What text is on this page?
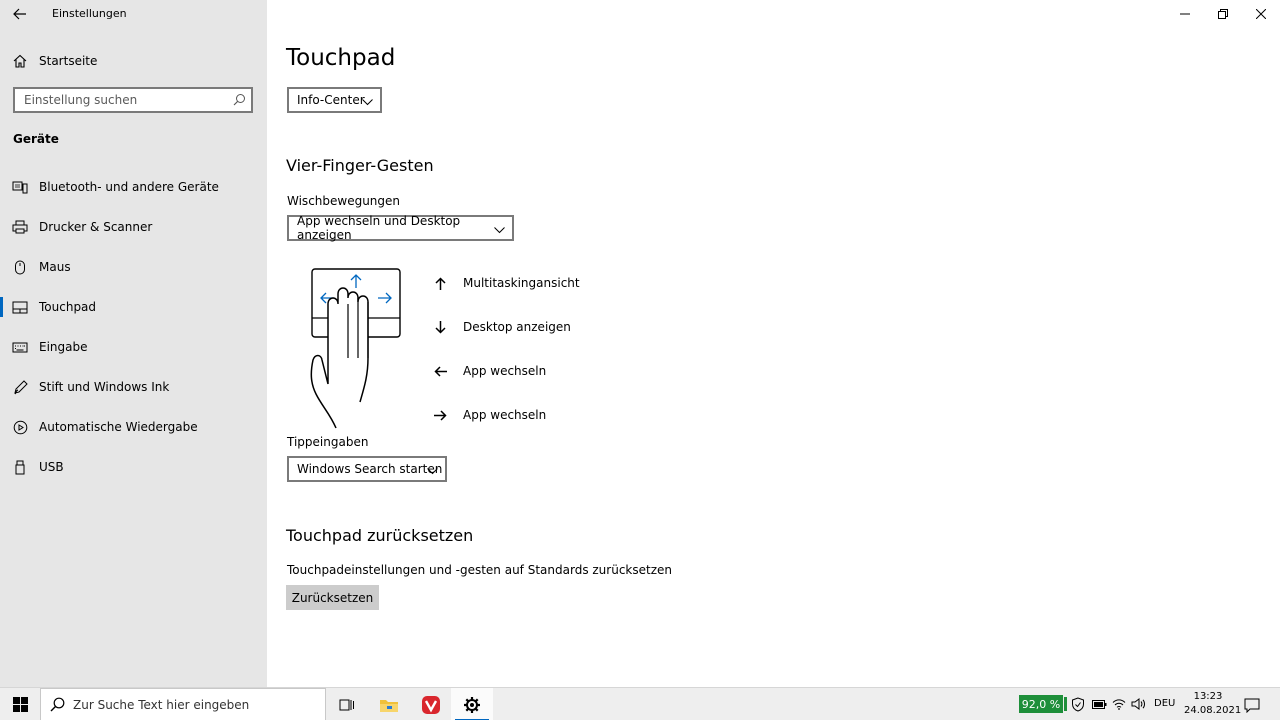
Einstellungen
Startseite
Einstellung suchen
Geräte
Bluetooth- und andere Geräte
Drucker & Scanner
Maus
Touchpad
Eingabe
Stift und Windows Ink
Automatische Wiedergabe
USB
Touchpad
Info-Center
Vier-Finger-Gesten
Wischbewegungen
App wechseln und Desktop anzeigen
Multitaskingansicht
Desktop anzeigen
App wechseln
App wechseln
Tippeingaben
Windows Search starten
Touchpad zurücksetzen
Touchpadeinstellungen und -gesten auf Standards zurücksetzen
Zurücksetzen
Zur Suche Text hier eingeben
92,0 %	DEU
13:23
24.08.2021
